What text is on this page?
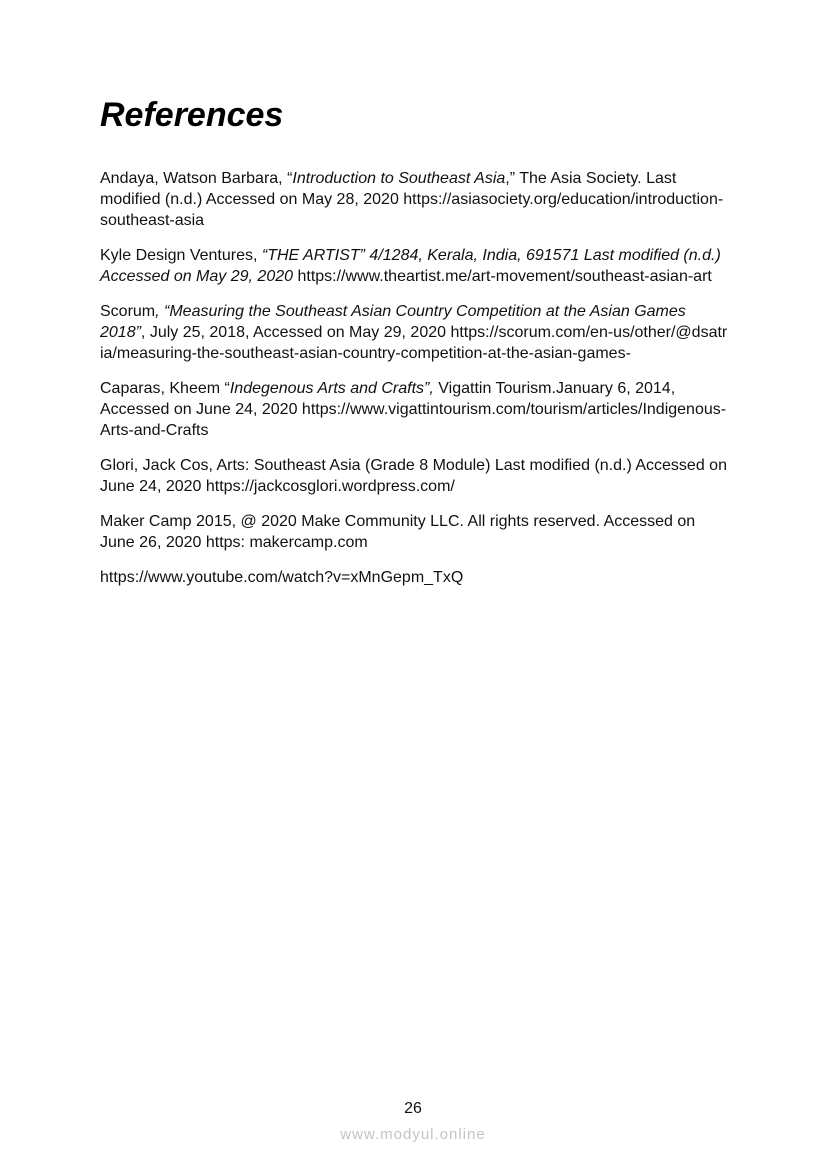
References

Andaya, Watson Barbara, “Introduction to Southeast Asia,” The Asia Society. Last modified (n.d.) Accessed on May 28, 2020 https://asiasociety.org/education/introduction-southeast-asia

Kyle Design Ventures, “THE ARTIST” 4/1284, Kerala, India, 691571 Last modified (n.d.) Accessed on May 29, 2020 https://www.theartist.me/art-movement/southeast-asian-art

Scorum, “Measuring the Southeast Asian Country Competition at the Asian Games 2018”, July 25, 2018, Accessed on May 29, 2020 https://scorum.com/en-us/other/@dsatria/measuring-the-southeast-asian-country-competition-at-the-asian-games-

Caparas, Kheem “Indegenous Arts and Crafts”, Vigattin Tourism.January 6, 2014, Accessed on June 24, 2020 https://www.vigattintourism.com/tourism/articles/Indigenous-Arts-and-Crafts

Glori, Jack Cos, Arts: Southeast Asia (Grade 8 Module) Last modified (n.d.) Accessed on June 24, 2020 https://jackcosglori.wordpress.com/

Maker Camp 2015, @ 2020 Make Community LLC. All rights reserved. Accessed on June 26, 2020 https: makercamp.com

https://www.youtube.com/watch?v=xMnGepm_TxQ

26
www.modyul.online
